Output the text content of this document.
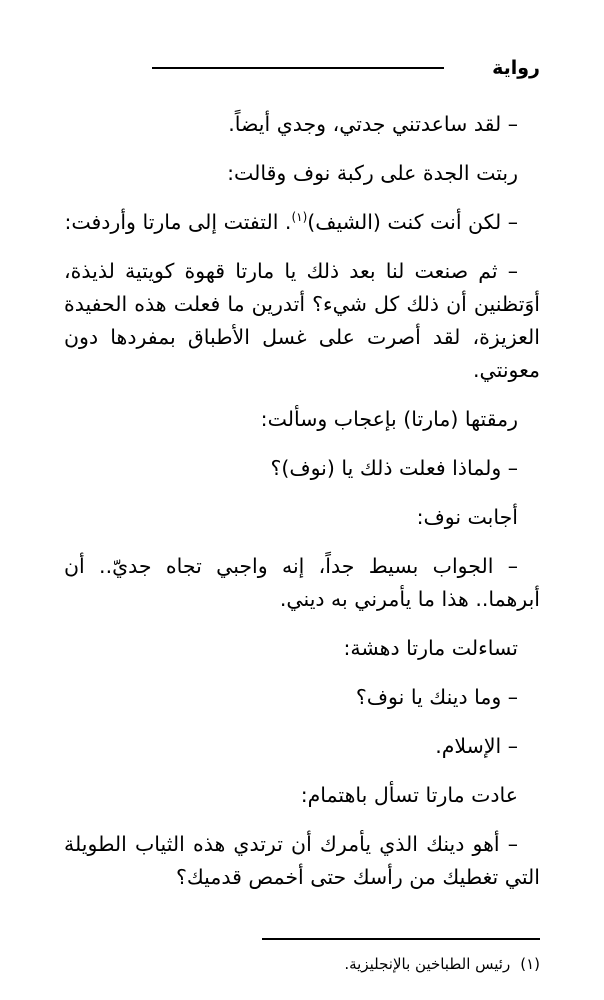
رواية

– لقد ساعدتني جدتي، وجدي أيضاً.

ربتت الجدة على ركبة نوف وقالت:

– لكن أنت كنت (الشيف)$^{(١)}$. التفتت إلى مارتا وأردفت:

– ثم صنعت لنا بعد ذلك يا مارتا قهوة كويتية لذيذة، أوَتظنين أن ذلك كل شيء؟ أتدرين ما فعلت هذه الحفيدة العزيزة، لقد أصرت على غسل الأطباق بمفردها دون معونتي.

رمقتها (مارتا) بإعجاب وسألت:

– ولماذا فعلت ذلك يا (نوف)؟

أجابت نوف:

– الجواب بسيط جداً، إنه واجبي تجاه جديّ.. أن أبرهما.. هذا ما يأمرني به ديني.

تساءلت مارتا دهشة:

– وما دينك يا نوف؟

– الإسلام.

عادت مارتا تسأل باهتمام:

– أهو دينك الذي يأمرك أن ترتدي هذه الثياب الطويلة التي تغطيك من رأسك حتى أخمص قدميك؟

(١)رئيس الطباخين بالإنجليزية.
